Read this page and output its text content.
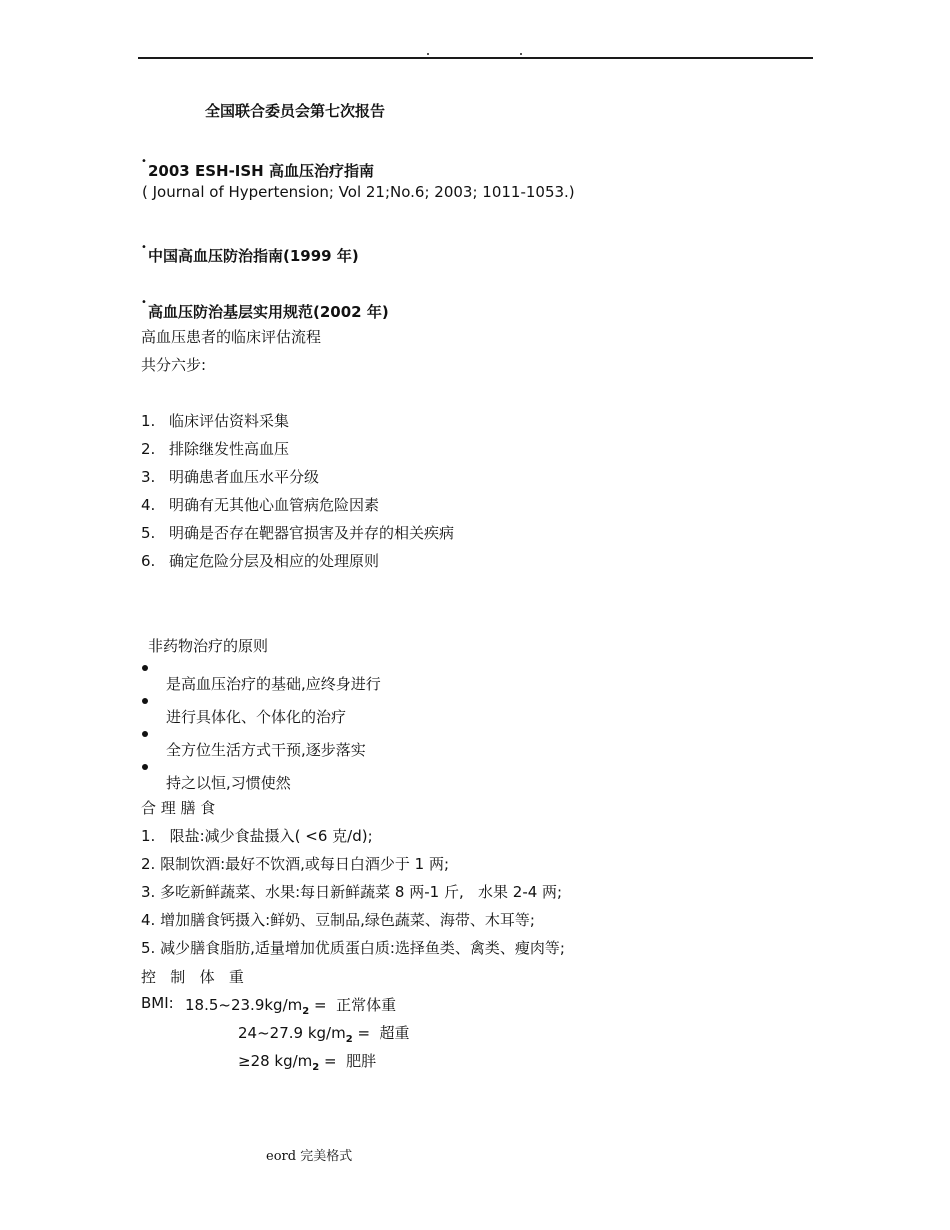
全国联合委员会第七次报告
•
2003 ESH-ISH 高血压治疗指南
( Journal of Hypertension; Vol 21;No.6; 2003; 1011-1053.)
• 中国高血压防治指南(1999 年)
•
高血压防治基层实用规范(2002 年)
高血压患者的临床评估流程
共分六步:
1. 临床评估资料采集
2. 排除继发性高血压
3. 明确患者血压水平分级
4. 明确有无其他心血管病危险因素
5. 明确是否存在靶器官损害及并存的相关疾病
6. 确定危险分层及相应的处理原则
非药物治疗的原则
是高血压治疗的基础,应终身进行
进行具体化、个体化的治疗
全方位生活方式干预,逐步落实
持之以恒,习惯使然
合 理 膳 食
1.   限盐:减少食盐摄入( <6 克/d);
2. 限制饮酒:最好不饮酒,或每日白酒少于 1 两;
3. 多吃新鲜蔬菜、水果:每日新鲜蔬菜 8 两-1 斤,   水果 2-4 两;
4. 增加膳食钙摄入:鲜奶、豆制品,绿色蔬菜、海带、木耳等;
5. 减少膳食脂肪,适量增加优质蛋白质:选择鱼类、禽类、瘦肉等;
控   制   体   重
BMI: $18.5\sim 23.9kg/m_2$ =  正常体重
24~27.9 $kg/m_2$ =  超重
≥28 $kg/m_2$ =  肥胖
eord 完美格式
